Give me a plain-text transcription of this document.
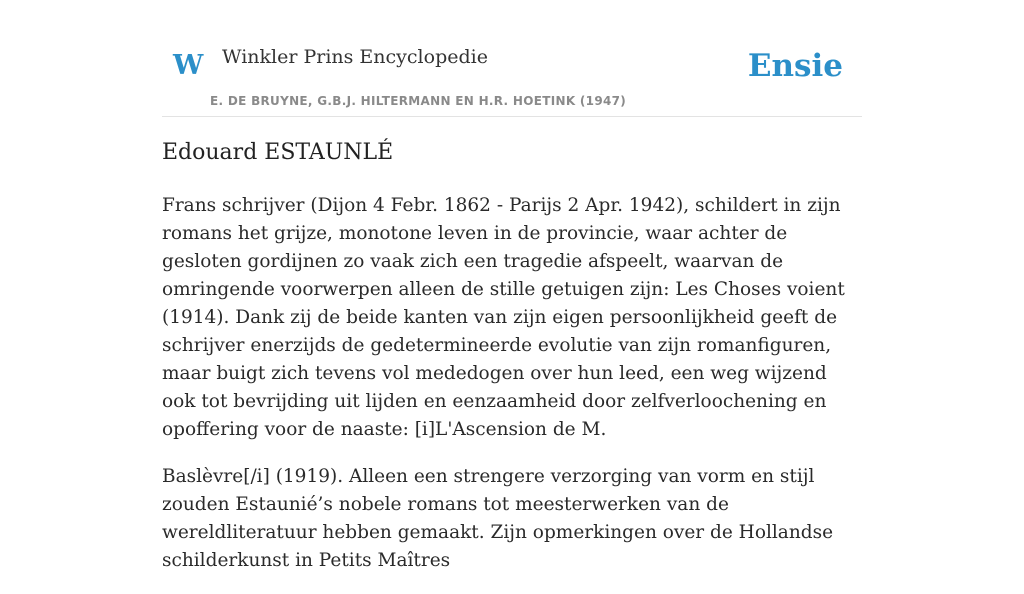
W Winkler Prins Encyclopedie
E. DE BRUYNE, G.B.J. HILTERMANN EN H.R. HOETINK (1947)
Ensie
Edouard ESTAUNLÉ

Frans schrijver (Dijon 4 Febr. 1862 - Parijs 2 Apr. 1942), schildert in zijn romans het grijze, monotone leven in de provincie, waar achter de gesloten gordijnen zo vaak zich een tragedie afspeelt, waarvan de omringende voorwerpen alleen de stille getuigen zijn: Les Choses voient (1914). Dank zij de beide kanten van zijn eigen persoonlijkheid geeft de schrijver enerzijds de gedetermineerde evolutie van zijn romanfiguren, maar buigt zich tevens vol mededogen over hun leed, een weg wijzend ook tot bevrijding uit lijden en eenzaamheid door zelfverloochening en opoffering voor de naaste: [i]L'Ascension de M.

Baslèvre[/i] (1919). Alleen een strengere verzorging van vorm en stijl zouden Estaunié’s nobele romans tot meesterwerken van de wereldliteratuur hebben gemaakt. Zijn opmerkingen over de Hollandse schilderkunst in Petits Maîtres
